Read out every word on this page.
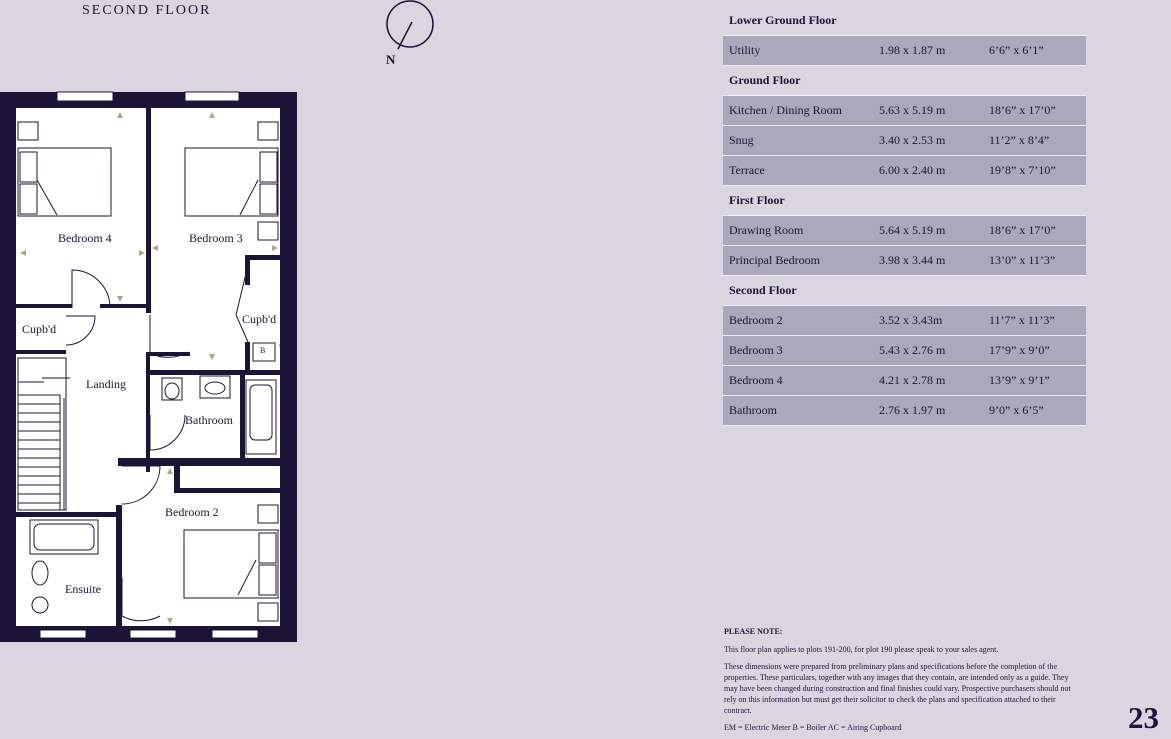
SECOND FLOOR
N
Bedroom 4	Bedroom 3
Cupb'd
Cupb'd
B
Landing
Bathroom
Bedroom 2
Ensuite
Lower Ground Floor		
Utility	1.98 x 1.87 m	6’6” x 6’1”
Ground Floor		
Kitchen / Dining Room	5.63 x 5.19 m	18’6” x 17’0”
Snug	3.40 x 2.53 m	11’2” x 8’4”
Terrace	6.00 x 2.40 m	19’8” x 7’10”
First Floor		
Drawing Room	5.64 x 5.19 m	18’6” x 17’0”
Principal Bedroom	3.98 x 3.44 m	13’0” x 11’3”
Second Floor		
Bedroom 2	3.52 x 3.43m	11’7” x 11’3”
Bedroom 3	5.43 x 2.76 m	17’9” x 9’0”
Bedroom 4	4.21 x 2.78 m	13’9” x 9’1”
Bathroom	2.76 x 1.97 m	9’0” x 6’5”
PLEASE NOTE:

This floor plan applies to plots 191-200, for plot 190 please speak to your sales agent.

These dimensions were prepared from preliminary plans and specifications before the completion of the properties. These particulars, together with any images that they contain, are intended only as a guide. They may have been changed during construction and final finishes could vary. Prospective purchasers should not rely on this information but must get their solicitor to check the plans and specification attached to their contract.

EM = Electric Meter B = Boiler AC = Airing Cupboard	23
